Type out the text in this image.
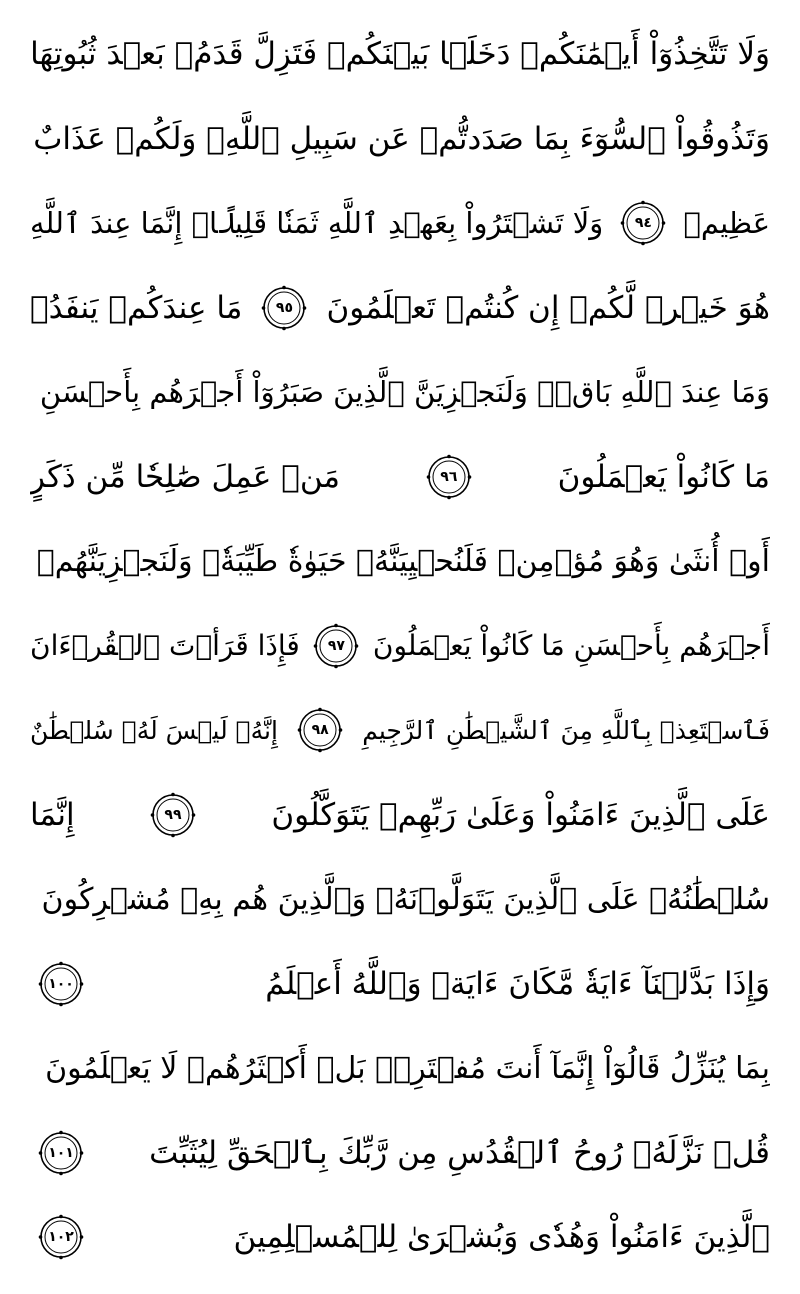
وَلَا تَتَّخِذُوٓاْ أَيۡمَٰنَكُمۡ دَخَلَۢا بَيۡنَكُمۡ فَتَزِلَّ قَدَمُۢ بَعۡدَ ثُبُوتِهَا
وَتَذُوقُواْ ٱلسُّوٓءَ بِمَا صَدَدتُّمۡ عَن سَبِيلِ ٱللَّهِۖ وَلَكُمۡ عَذَابٌ
عَظِيمٞ
٩٤
وَلَا تَشۡتَرُواْ بِعَهۡدِ ٱللَّهِ ثَمَنٗا قَلِيلًاۚ إِنَّمَا عِندَ ٱللَّهِ
هُوَ خَيۡرٞ لَّكُمۡ إِن كُنتُمۡ تَعۡلَمُونَ
٩٥
مَا عِندَكُمۡ يَنفَدُۖ
وَمَا عِندَ ٱللَّهِ بَاقٖۗ وَلَنَجۡزِيَنَّ ٱلَّذِينَ صَبَرُوٓاْ أَجۡرَهُم بِأَحۡسَنِ
مَا كَانُواْ يَعۡمَلُونَ
٩٦
مَنۡ عَمِلَ صَٰلِحٗا مِّن ذَكَرٍ
أَوۡ أُنثَىٰ وَهُوَ مُؤۡمِنٞ فَلَنُحۡيِيَنَّهُۥ حَيَوٰةٗ طَيِّبَةٗۖ وَلَنَجۡزِيَنَّهُمۡ
أَجۡرَهُم بِأَحۡسَنِ مَا كَانُواْ يَعۡمَلُونَ
٩٧
فَإِذَا قَرَأۡتَ ٱلۡقُرۡءَانَ
فَٱسۡتَعِذۡ بِٱللَّهِ مِنَ ٱلشَّيۡطَٰنِ ٱلرَّجِيمِ
٩٨
إِنَّهُۥ لَيۡسَ لَهُۥ سُلۡطَٰنٌ
عَلَى ٱلَّذِينَ ءَامَنُواْ وَعَلَىٰ رَبِّهِمۡ يَتَوَكَّلُونَ
٩٩
إِنَّمَا
سُلۡطَٰنُهُۥ عَلَى ٱلَّذِينَ يَتَوَلَّوۡنَهُۥ وَٱلَّذِينَ هُم بِهِۦ مُشۡرِكُونَ
وَإِذَا بَدَّلۡنَآ ءَايَةٗ مَّكَانَ ءَايَةٖ وَٱللَّهُ أَعۡلَمُ
١٠٠
بِمَا يُنَزِّلُ قَالُوٓاْ إِنَّمَآ أَنتَ مُفۡتَرِۭۚ بَلۡ أَكۡثَرُهُمۡ لَا يَعۡلَمُونَ
قُلۡ نَزَّلَهُۥ رُوحُ ٱلۡقُدُسِ مِن رَّبِّكَ بِٱلۡحَقِّ لِيُثَبِّتَ
١٠١
ٱلَّذِينَ ءَامَنُواْ وَهُدٗى وَبُشۡرَىٰ لِلۡمُسۡلِمِينَ
١٠٢
